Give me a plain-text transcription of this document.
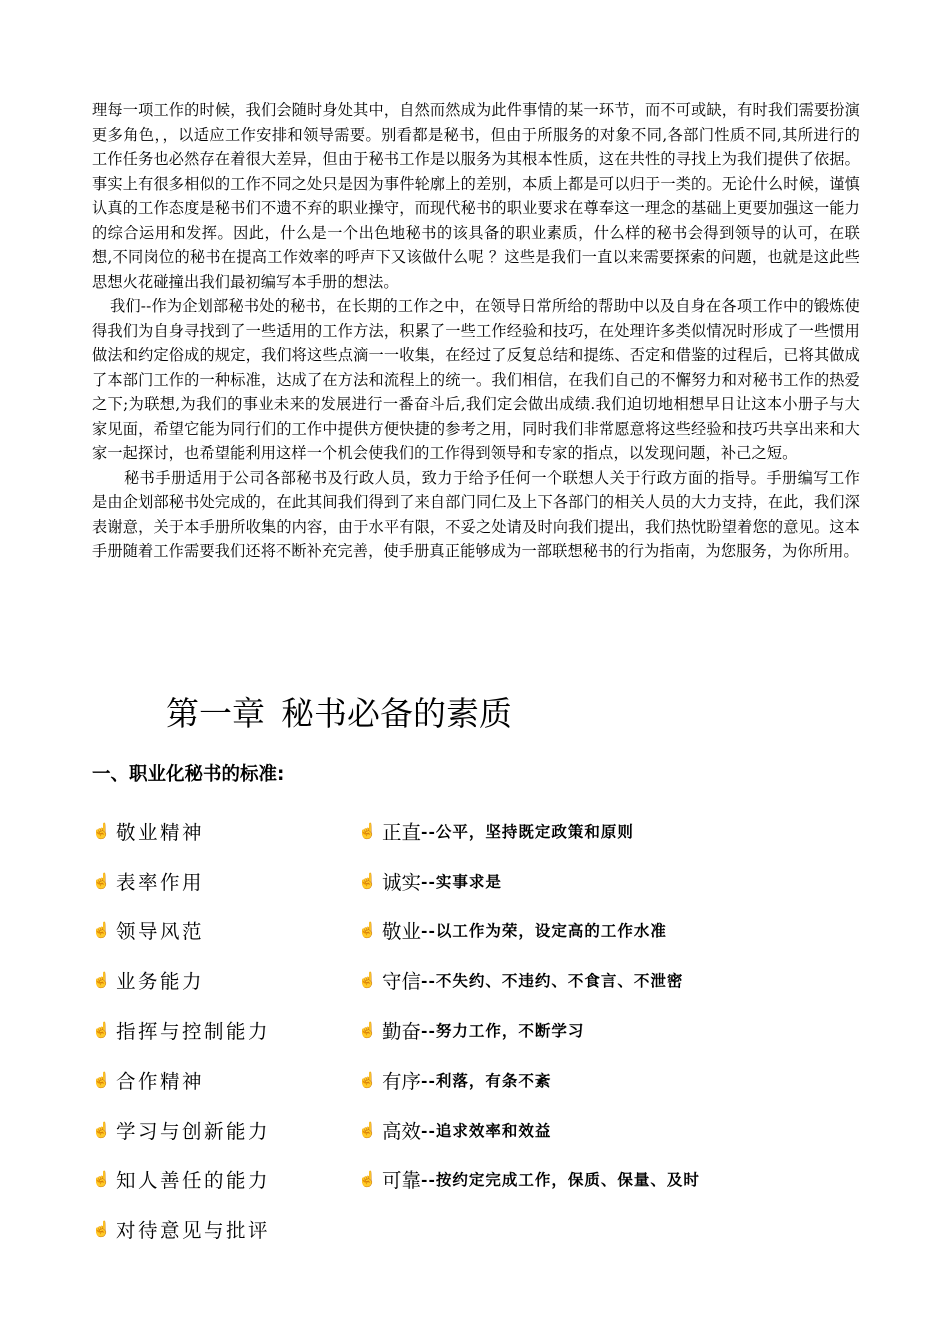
理每一项工作的时候，我们会随时身处其中，自然而然成为此件事情的某一环节，而不可或缺，有时我们需要扮演更多角色，，以适应工作安排和领导需要。别看都是秘书，但由于所服务的对象不同,各部门性质不同,其所进行的工作任务也必然存在着很大差异，但由于秘书工作是以服务为其根本性质，这在共性的寻找上为我们提供了依据。事实上有很多相似的工作不同之处只是因为事件轮廓上的差别，本质上都是可以归于一类的。无论什么时候，谨慎认真的工作态度是秘书们不遗不弃的职业操守，而现代秘书的职业要求在尊奉这一理念的基础上更要加强这一能力的综合运用和发挥。因此，什么是一个出色地秘书的该具备的职业素质，什么样的秘书会得到领导的认可，在联想,不同岗位的秘书在提高工作效率的呼声下又该做什么呢 ？这些是我们一直以来需要探索的问题，也就是这此些思想火花碰撞出我们最初编写本手册的想法。

我们--作为企划部秘书处的秘书，在长期的工作之中，在领导日常所给的帮助中以及自身在各项工作中的锻炼使得我们为自身寻找到了一些适用的工作方法，积累了一些工作经验和技巧，在处理许多类似情况时形成了一些惯用做法和约定俗成的规定，我们将这些点滴一一收集，在经过了反复总结和提练、否定和借鉴的过程后，已将其做成了本部门工作的一种标准，达成了在方法和流程上的统一。我们相信，在我们自己的不懈努力和对秘书工作的热爱之下;为联想,为我们的事业未来的发展进行一番奋斗后,我们定会做出成绩.我们迫切地相想早日让这本小册子与大家见面，希望它能为同行们的工作中提供方便快捷的参考之用，同时我们非常愿意将这些经验和技巧共享出来和大家一起探讨，也希望能利用这样一个机会使我们的工作得到领导和专家的指点，以发现问题，补己之短。

秘书手册适用于公司各部秘书及行政人员，致力于给予任何一个联想人关于行政方面的指导。手册编写工作是由企划部秘书处完成的，在此其间我们得到了来自部门同仁及上下各部门的相关人员的大力支持，在此，我们深表谢意，关于本手册所收集的内容，由于水平有限，不妥之处请及时向我们提出，我们热忱盼望着您的意见。这本手册随着工作需要我们还将不断补充完善，使手册真正能够成为一部联想秘书的行为指南，为您服务，为你所用。

第一章 秘书必备的素质
一、职业化秘书的标准:
☝ 敬业精神
☝ 表率作用
☝ 领导风范
☝ 业务能力
☝ 指挥与控制能力
☝ 合作精神
☝ 学习与创新能力
☝ 知人善任的能力
☝ 对待意见与批评
☝ 正直 --公平，坚持既定政策和原则
☝ 诚实 --实事求是
☝ 敬业 --以工作为荣，设定高的工作水准
☝ 守信 --不失约、不违约、不食言、不泄密
☝ 勤奋 --努力工作，不断学习
☝ 有序 --利落，有条不紊
☝ 高效 --追求效率和效益
☝ 可靠 --按约定完成工作，保质、保量、及时
